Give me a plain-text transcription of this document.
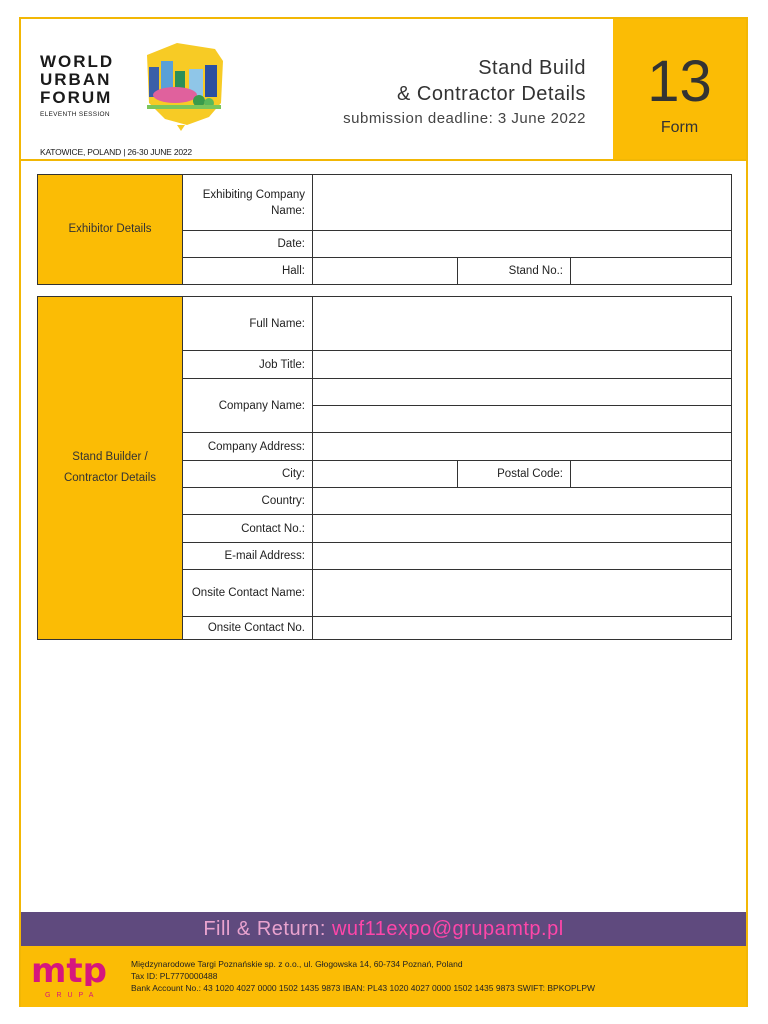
WORLD
URBAN
FORUM
ELEVENTH SESSION
KATOWICE, POLAND | 26-30 JUNE 2022
Stand Build
& Contractor Details
submission deadline: 3 June 2022
13
Form
Exhibitor Details	Exhibiting Company Name:			
	Date:			
	Hall:		Stand No.:	
Stand Builder / Contractor Details	Full Name:			
	Job Title:			
	Company Name:			

	Company Address:			
	City:		Postal Code:	
	Country:			
	Contact No.:			
	E-mail Address:			
	Onsite Contact Name:			
	Onsite Contact No.			
Fill & Return: wuf11expo@grupamtp.pl
mtp
GRUPA
Międzynarodowe Targi Poznańskie sp. z o.o., ul. Głogowska 14, 60-734 Poznań, Poland
Tax ID: PL7770000488
Bank Account No.: 43 1020 4027 0000 1502 1435 9873 IBAN: PL43 1020 4027 0000 1502 1435 9873 SWIFT: BPKOPLPW
